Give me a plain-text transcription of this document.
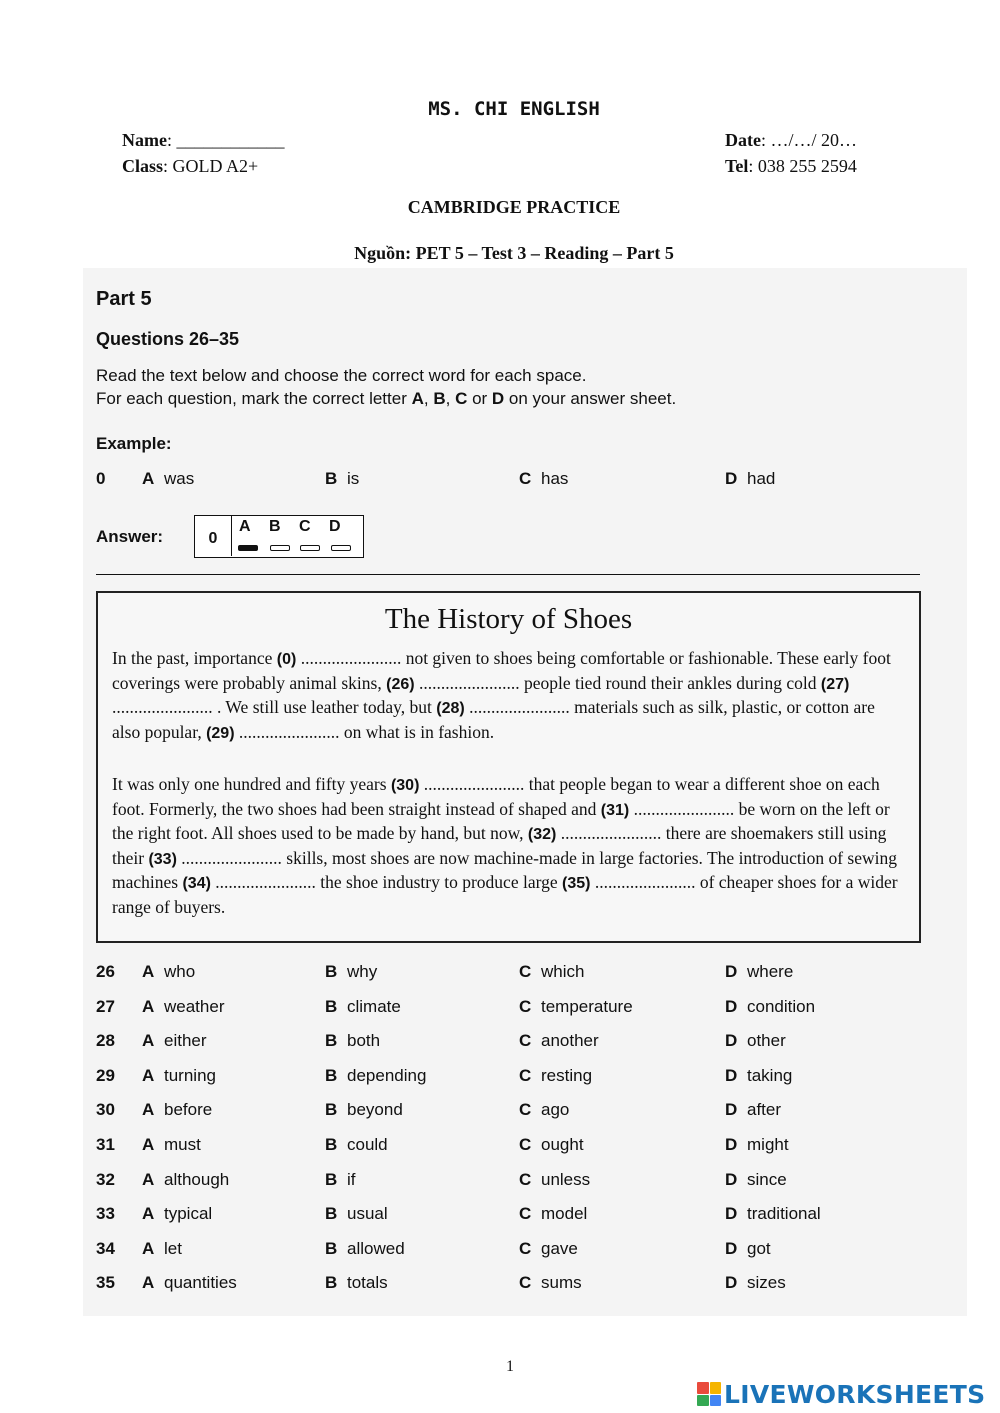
MS. CHI ENGLISH
Name: ____________	Date: …/…/ 20…
Class: GOLD A2+	Tel: 038 255 2594
CAMBRIDGE PRACTICE
Nguồn: PET 5 – Test 3 – Reading – Part 5
Part 5
Questions 26–35
Read the text below and choose the correct word for each space.
For each question, mark the correct letter A, B, C or D on your answer sheet.
Example:
0 A was	B is	C has	D had
Answer:	0
A B C D
The History of Shoes
In the past, importance (0) ....................... not given to shoes being comfortable or fashionable. These early foot coverings were probably animal skins, (26) ....................... people tied round their ankles during cold (27) ....................... . We still use leather today, but (28) ....................... materials such as silk, plastic, or cotton are also popular, (29) ....................... on what is in fashion.
It was only one hundred and fifty years (30) ....................... that people began to wear a different shoe on each foot. Formerly, the two shoes had been straight instead of shaped and (31) ....................... be worn on the left or the right foot. All shoes used to be made by hand, but now, (32) ....................... there are shoemakers still using their (33) ....................... skills, most shoes are now machine-made in large factories. The introduction of sewing machines (34) ....................... the shoe industry to produce large (35) ....................... of cheaper shoes for a wider range of buyers.
26 A who	B why	C which	D where
27 A weather	B climate	C temperature	D condition
28 A either	B both	C another	D other
29 A turning	B depending	C resting	D taking
30 A before	B beyond	C ago	D after
31 A must	B could	C ought	D might
32 A although	B if	C unless	D since
33 A typical	B usual	C model	D traditional
34 A let	B allowed	C gave	D got
35 A quantities	B totals	C sums	D sizes
1
LIVEWORKSHEETS
